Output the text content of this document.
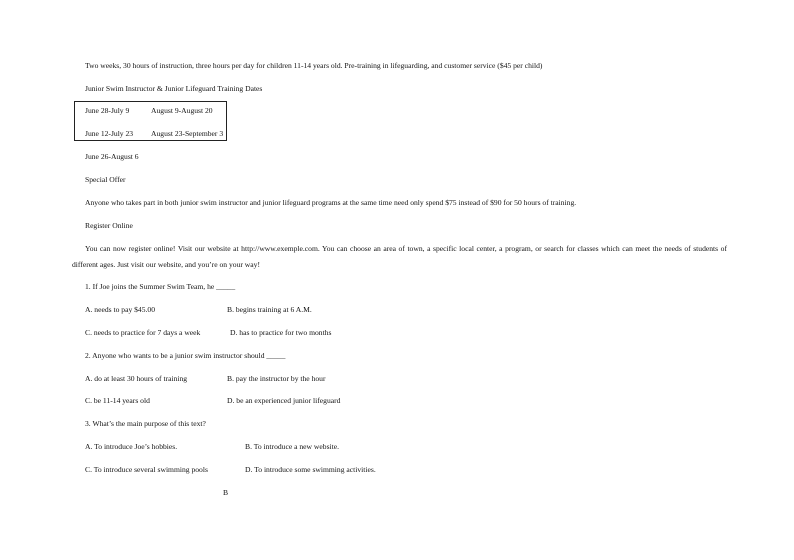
Two weeks, 30 hours of instruction, three hours per day for children 11-14 years old. Pre-training in lifeguarding, and customer service ($45 per child)
Junior Swim Instructor & Junior Lifeguard Training Dates
June 28-July 9	August 9-August 20
June 12-July 23 August 23-September 3
June 26-August 6
Special Offer
Anyone who takes part in both junior swim instructor and junior lifeguard programs at the same time need only spend $75 instead of $90 for 50 hours of training.
Register Online
You can now register online! Visit our website at http://www.exemple.com. You can choose an area of town, a specific local center, a program, or search for classes which can meet the needs of students of different ages. Just visit our website, and you’re on your way!
1. If Joe joins the Summer Swim Team, he _____
A. needs to pay $45.00	B. begins training at 6 A.M.
C. needs to practice for 7 days a week	D. has to practice for two months
2. Anyone who wants to be a junior swim instructor should _____
A. do at least 30 hours of training	B. pay the instructor by the hour
C. be 11-14 years old	D. be an experienced junior lifeguard
3. What’s the main purpose of this text?
A. To introduce Joe’s hobbies.	B. To introduce a new website.
C. To introduce several swimming pools	D. To introduce some swimming activities.
B
